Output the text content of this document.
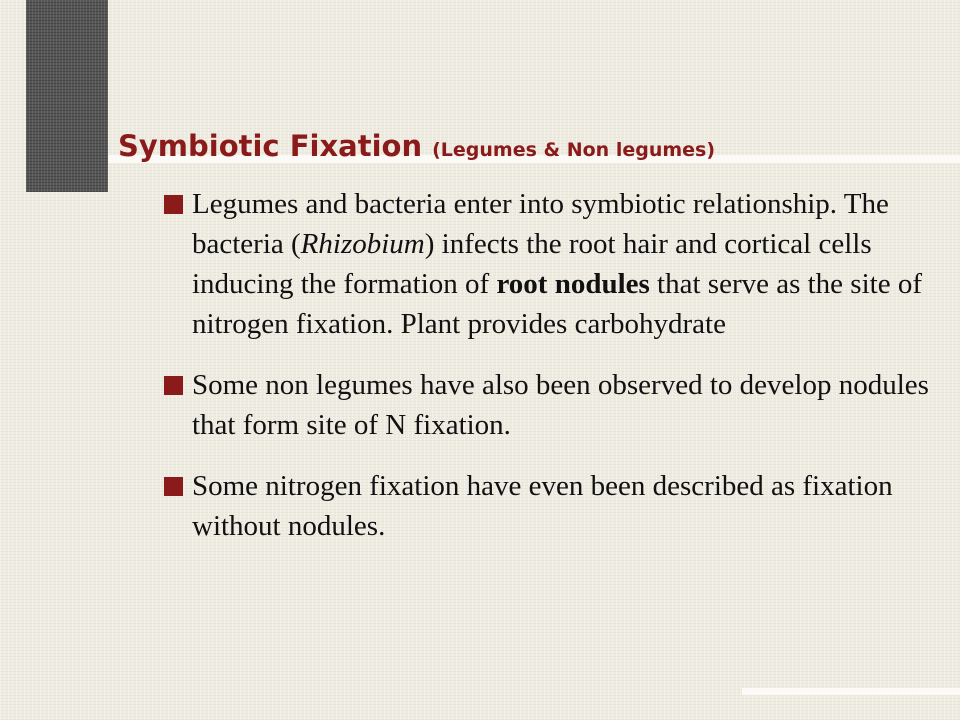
Symbiotic Fixation (Legumes & Non legumes)
Legumes and bacteria enter into symbiotic relationship. The bacteria (Rhizobium) infects the root hair and cortical cells inducing the formation of root nodules that serve as the site of nitrogen fixation. Plant provides carbohydrate
Some non legumes have also been observed to develop nodules that form site of N fixation.
Some nitrogen fixation have even been described as fixation without nodules.
